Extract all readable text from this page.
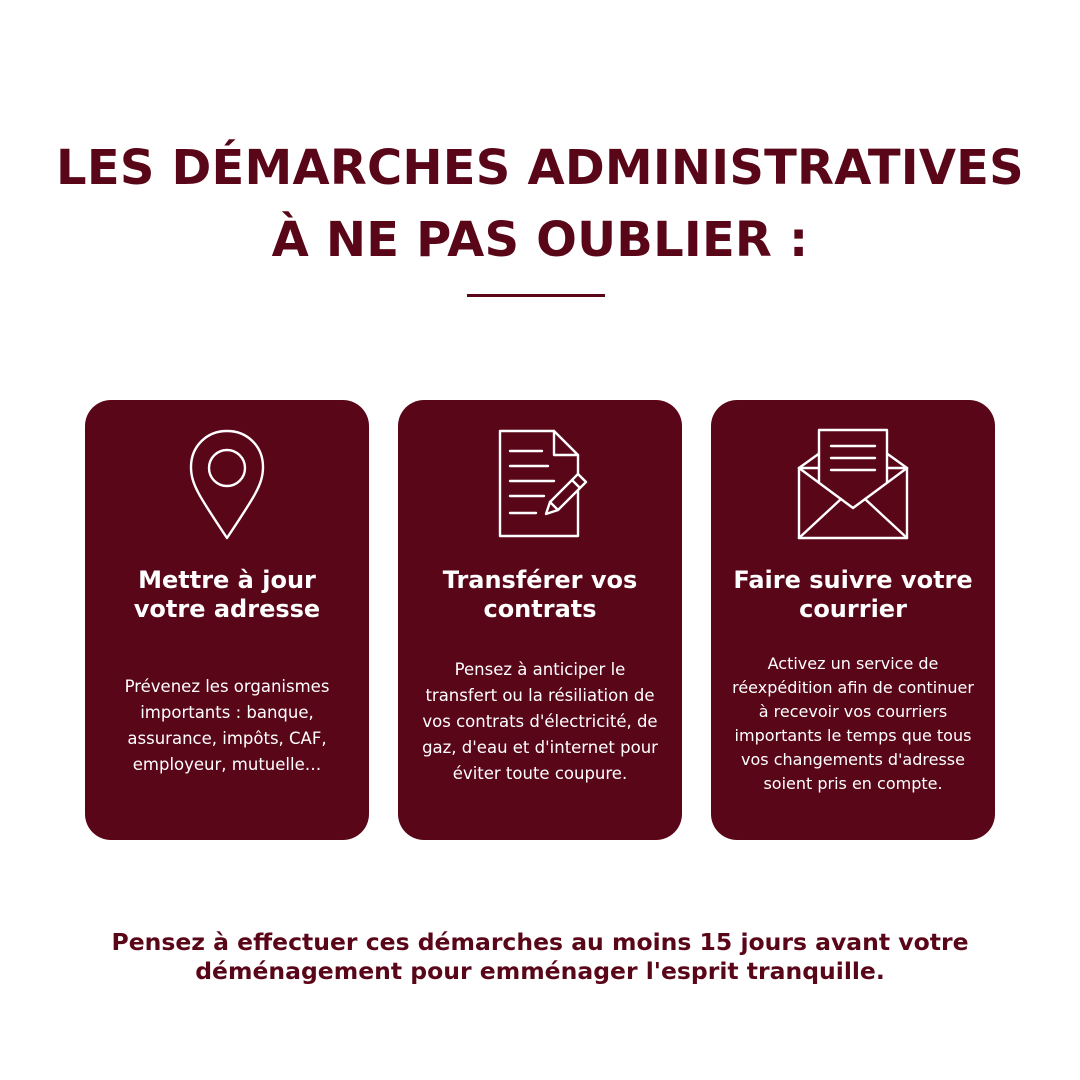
LES DÉMARCHES ADMINISTRATIVES
À NE PAS OUBLIER :
Mettre à jour
votre adresse
Prévenez les organismes
importants : banque,
assurance, impôts, CAF,
employeur, mutuelle…
Transférer vos
contrats
Pensez à anticiper le
transfert ou la résiliation de
vos contrats d'électricité, de
gaz, d'eau et d'internet pour
éviter toute coupure.
Faire suivre votre
courrier
Activez un service de
réexpédition afin de continuer
à recevoir vos courriers
importants le temps que tous
vos changements d'adresse
soient pris en compte.

Pensez à effectuer ces démarches au moins 15 jours avant votre
déménagement pour emménager l'esprit tranquille.
